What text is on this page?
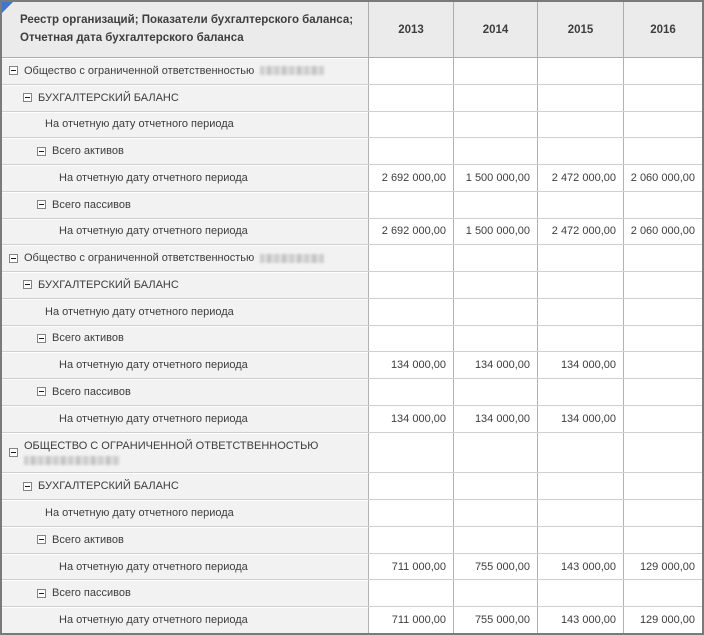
Реестр организаций; Показатели бухгалтерского баланса; Отчетная дата бухгалтерского баланса
2013	2014	2015	2016
Общество с ограниченной ответственностью
БУХГАЛТЕРСКИЙ БАЛАНС
На отчетную дату отчетного периода
Всего активов
На отчетную дату отчетного периода	2 692 000,00	1 500 000,00	2 472 000,00	2 060 000,00
Всего пассивов
На отчетную дату отчетного периода	2 692 000,00	1 500 000,00	2 472 000,00	2 060 000,00
Общество с ограниченной ответственностью
БУХГАЛТЕРСКИЙ БАЛАНС
На отчетную дату отчетного периода
Всего активов
На отчетную дату отчетного периода	134 000,00	134 000,00	134 000,00
Всего пассивов
На отчетную дату отчетного периода	134 000,00	134 000,00	134 000,00
ОБЩЕСТВО С ОГРАНИЧЕННОЙ ОТВЕТСТВЕННОСТЬЮ
БУХГАЛТЕРСКИЙ БАЛАНС
На отчетную дату отчетного периода
Всего активов
На отчетную дату отчетного периода	711 000,00	755 000,00	143 000,00	129 000,00
Всего пассивов
На отчетную дату отчетного периода	711 000,00	755 000,00	143 000,00	129 000,00
